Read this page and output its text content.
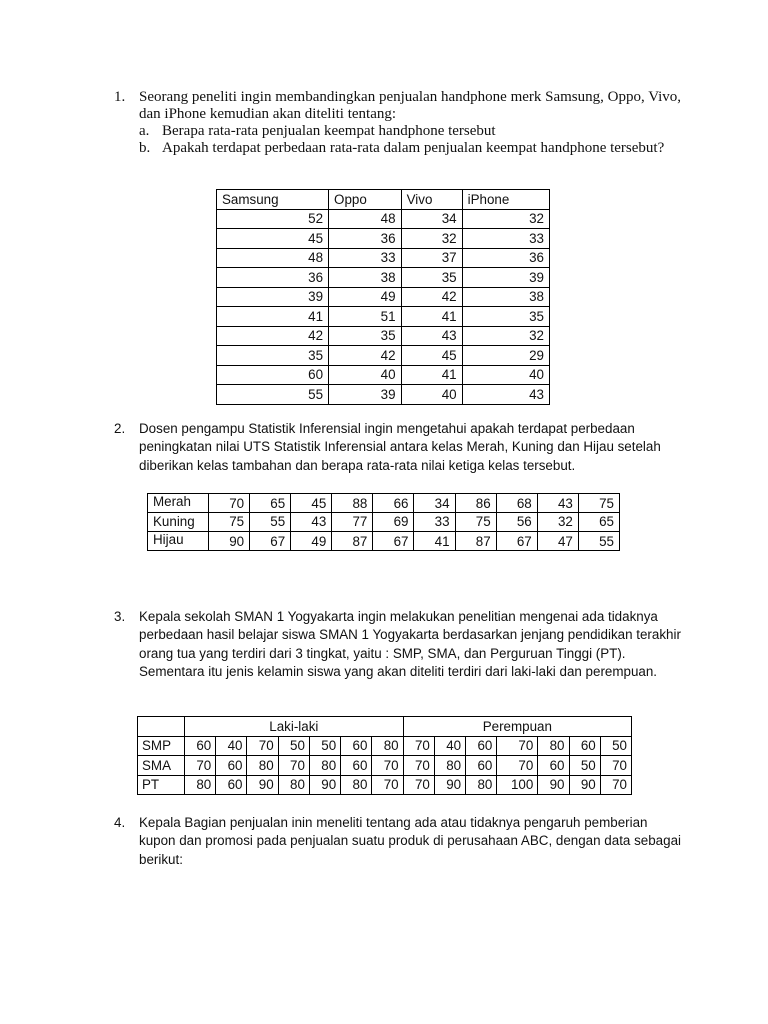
1. Seorang peneliti ingin membandingkan penjualan handphone merk Samsung, Oppo, Vivo, dan iPhone kemudian akan diteliti tentang:
a. Berapa rata-rata penjualan keempat handphone tersebut
b. Apakah terdapat perbedaan rata-rata dalam penjualan keempat handphone tersebut?
Samsung	Oppo	Vivo	iPhone
52	48	34	32
45	36	32	33
48	33	37	36
36	38	35	39
39	49	42	38
41	51	41	35
42	35	43	32
35	42	45	29
60	40	41	40
55	39	40	43
2. Dosen pengampu Statistik Inferensial ingin mengetahui apakah terdapat perbedaan peningkatan nilai UTS Statistik Inferensial antara kelas Merah, Kuning dan Hijau setelah diberikan kelas tambahan dan berapa rata-rata nilai ketiga kelas tersebut.
Merah	70	65	45	88	66	34	86	68	43	75
Kuning	75	55	43	77	69	33	75	56	32	65
Hijau	90	67	49	87	67	41	87	67	47	55
3. Kepala sekolah SMAN 1 Yogyakarta ingin melakukan penelitian mengenai ada tidaknya perbedaan hasil belajar siswa SMAN 1 Yogyakarta berdasarkan jenjang pendidikan terakhir orang tua yang terdiri dari 3 tingkat, yaitu : SMP, SMA, dan Perguruan Tinggi (PT). Sementara itu jenis kelamin siswa yang akan diteliti terdiri dari laki-laki dan perempuan.
	Laki-laki							Perempuan						
SMP	60	40	70	50	50	60	80	70	40	60	70	80	60	50
SMA	70	60	80	70	80	60	70	70	80	60	70	60	50	70
PT	80	60	90	80	90	80	70	70	90	80	100	90	90	70
4. Kepala Bagian penjualan inin meneliti tentang ada atau tidaknya pengaruh pemberian kupon dan promosi pada penjualan suatu produk di perusahaan ABC, dengan data sebagai berikut:
